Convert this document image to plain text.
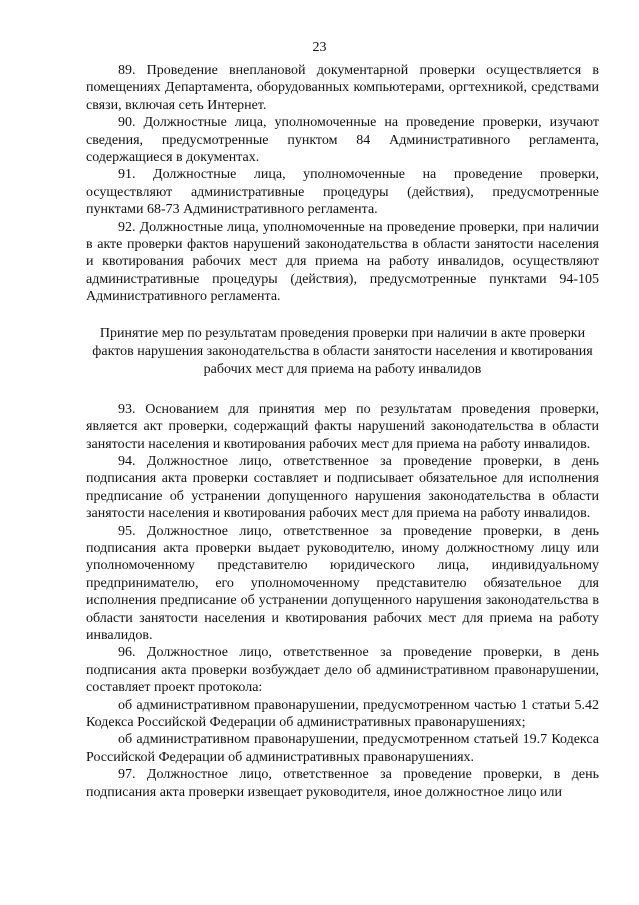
23

89. Проведение внеплановой документарной проверки осуществляется в помещениях Департамента, оборудованных компьютерами, оргтехникой, средствами связи, включая сеть Интернет.

90. Должностные лица, уполномоченные на проведение проверки, изучают сведения, предусмотренные пунктом 84 Административного регламента, содержащиеся в документах.

91. Должностные лица, уполномоченные на проведение проверки, осуществляют административные процедуры (действия), предусмотренные пунктами 68-73 Административного регламента.

92. Должностные лица, уполномоченные на проведение проверки, при наличии в акте проверки фактов нарушений законодательства в области занятости населения и квотирования рабочих мест для приема на работу инвалидов, осуществляют административные процедуры (действия), предусмотренные пунктами 94-105 Административного регламента.

Принятие мер по результатам проведения проверки при наличии в акте проверки фактов нарушения законодательства в области занятости населения и квотирования рабочих мест для приема на работу инвалидов

93. Основанием для принятия мер по результатам проведения проверки, является акт проверки, содержащий факты нарушений законодательства в области занятости населения и квотирования рабочих мест для приема на работу инвалидов.

94. Должностное лицо, ответственное за проведение проверки, в день подписания акта проверки составляет и подписывает обязательное для исполнения предписание об устранении допущенного нарушения законодательства в области занятости населения и квотирования рабочих мест для приема на работу инвалидов.

95. Должностное лицо, ответственное за проведение проверки, в день подписания акта проверки выдает руководителю, иному должностному лицу или уполномоченному представителю юридического лица, индивидуальному предпринимателю, его уполномоченному представителю обязательное для исполнения предписание об устранении допущенного нарушения законодательства в области занятости населения и квотирования рабочих мест для приема на работу инвалидов.

96. Должностное лицо, ответственное за проведение проверки, в день подписания акта проверки возбуждает дело об административном правонарушении, составляет проект протокола:

об административном правонарушении, предусмотренном частью 1 статьи 5.42 Кодекса Российской Федерации об административных правонарушениях;

об административном правонарушении, предусмотренном статьей 19.7 Кодекса Российской Федерации об административных правонарушениях.

97. Должностное лицо, ответственное за проведение проверки, в день подписания акта проверки извещает руководителя, иное должностное лицо или
